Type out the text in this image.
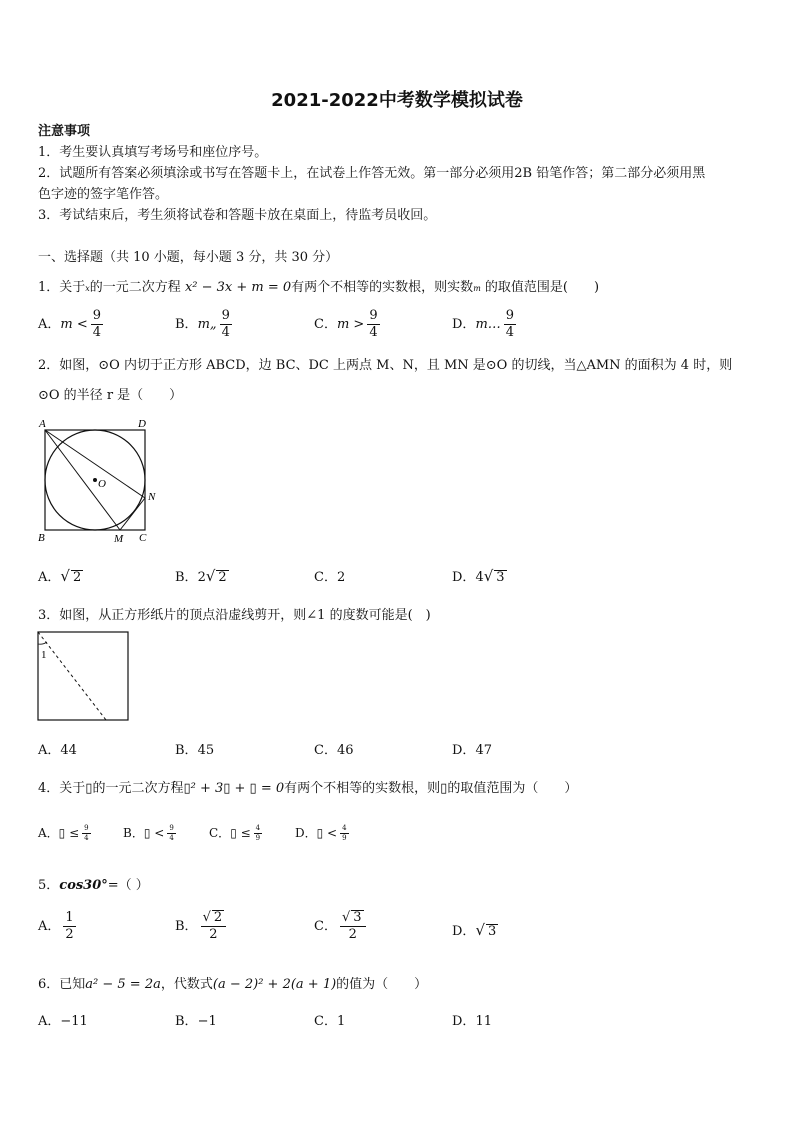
2021-2022中考数学模拟试卷
注意事项
1．考生要认真填写考场号和座位序号。
2．试题所有答案必须填涂或书写在答题卡上，在试卷上作答无效。第一部分必须用2B 铅笔作答；第二部分必须用黑
色字迹的签字笔作答。
3．考试结束后，考生须将试卷和答题卡放在桌面上，待监考员收回。
一、选择题（共 10 小题，每小题 3 分，共 30 分）
1．关于x的一元二次方程 x² − 3x + m = 0有两个不相等的实数根，则实数m 的取值范围是(　　)
A．$m < \frac{9}{4}$	B．m„ $\frac{9}{4}$	C．$m > \frac{9}{4}$	D．m… $\frac{9}{4}$
2．如图，⊙O 内切于正方形 ABCD，边 BC、DC 上两点 M、N，且 MN 是⊙O 的切线，当△AMN 的面积为 4 时，则
⊙O 的半径 r 是（　　）
A	D
B	C
M
N
O
A．√ 2	B．2√ 2	C．2	D．4√ 3
3．如图，从正方形纸片的顶点沿虚线剪开，则∠1 的度数可能是(　)
1
A．44	B．45	C．46	D．47
4．关于▯的一元二次方程▯² + 3▯ + ▯ = 0有两个不相等的实数根，则▯的取值范围为（　　）
A．▯ ≤ $\frac{9}{4}$	B．▯ < $\frac{9}{4}$	C．▯ ≤ $\frac{4}{9}$	D．▯ < $\frac{4}{9}$
5．cos30°=（ ）
A． $\frac{1}{2}$	B． $\frac{√ 2}{2}$	C． $\frac{√ 3}{2}$	D．√ 3
6．已知a² − 5 = 2a，代数式(a − 2)² + 2(a + 1)的值为（　　）
A．−11	B．−1	C．1	D．11
